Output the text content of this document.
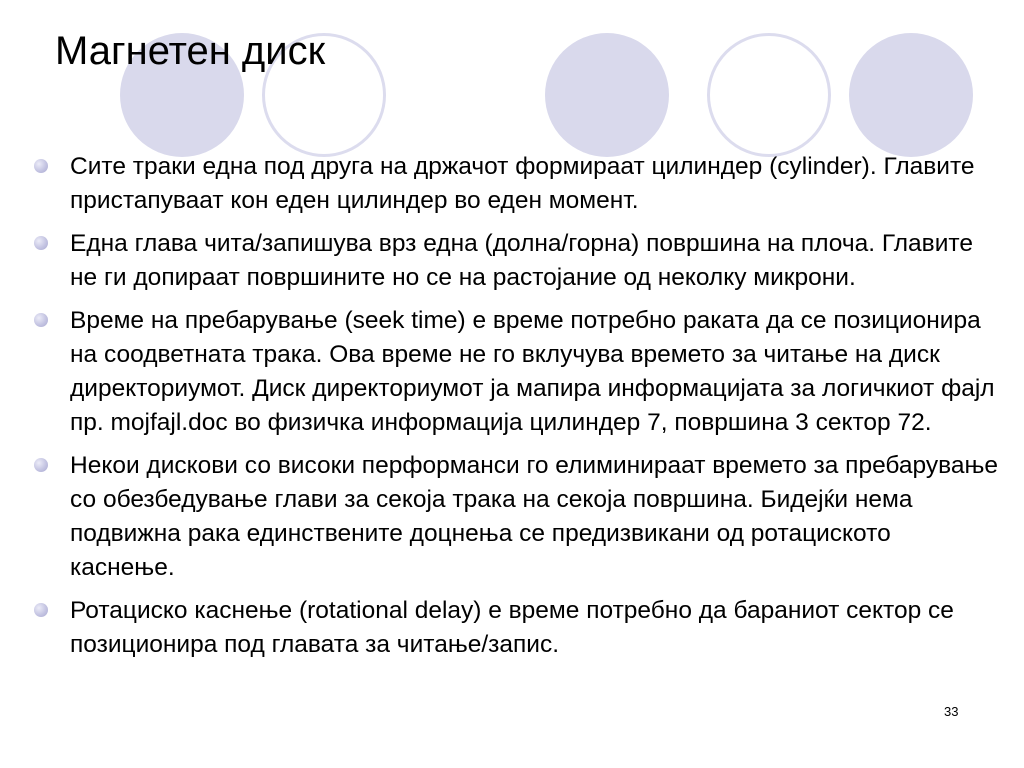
Магнетен диск
Сите траки една под друга на држачот формираат цилиндер (cylinder). Главите пристапуваат кон еден цилиндер во еден момент.
Една глава чита/запишува врз една (долна/горна) површина на плоча. Главите не ги допираат површините но се на растојание од неколку микрони.
Време на пребарување (seek time) е време потребно раката да се позиционира на соодветната трака. Ова време не го вклучува времето за читање на диск директориумот. Диск директориумот ја мапира информацијата за логичкиот фајл пр. mojfajl.doc во физичка информација цилиндер 7, површина 3 сектор 72.
Некои дискови со високи перформанси го елиминираат времето за пребарување со обезбедување глави за секоја трака на секоја површина. Бидејќи нема подвижна рака единствените доцнења се предизвикани од ротациското каснење.
Ротациско каснење (rotational delay) е време потребно да бараниот сектор се позиционира под главата за читање/запис.
33
